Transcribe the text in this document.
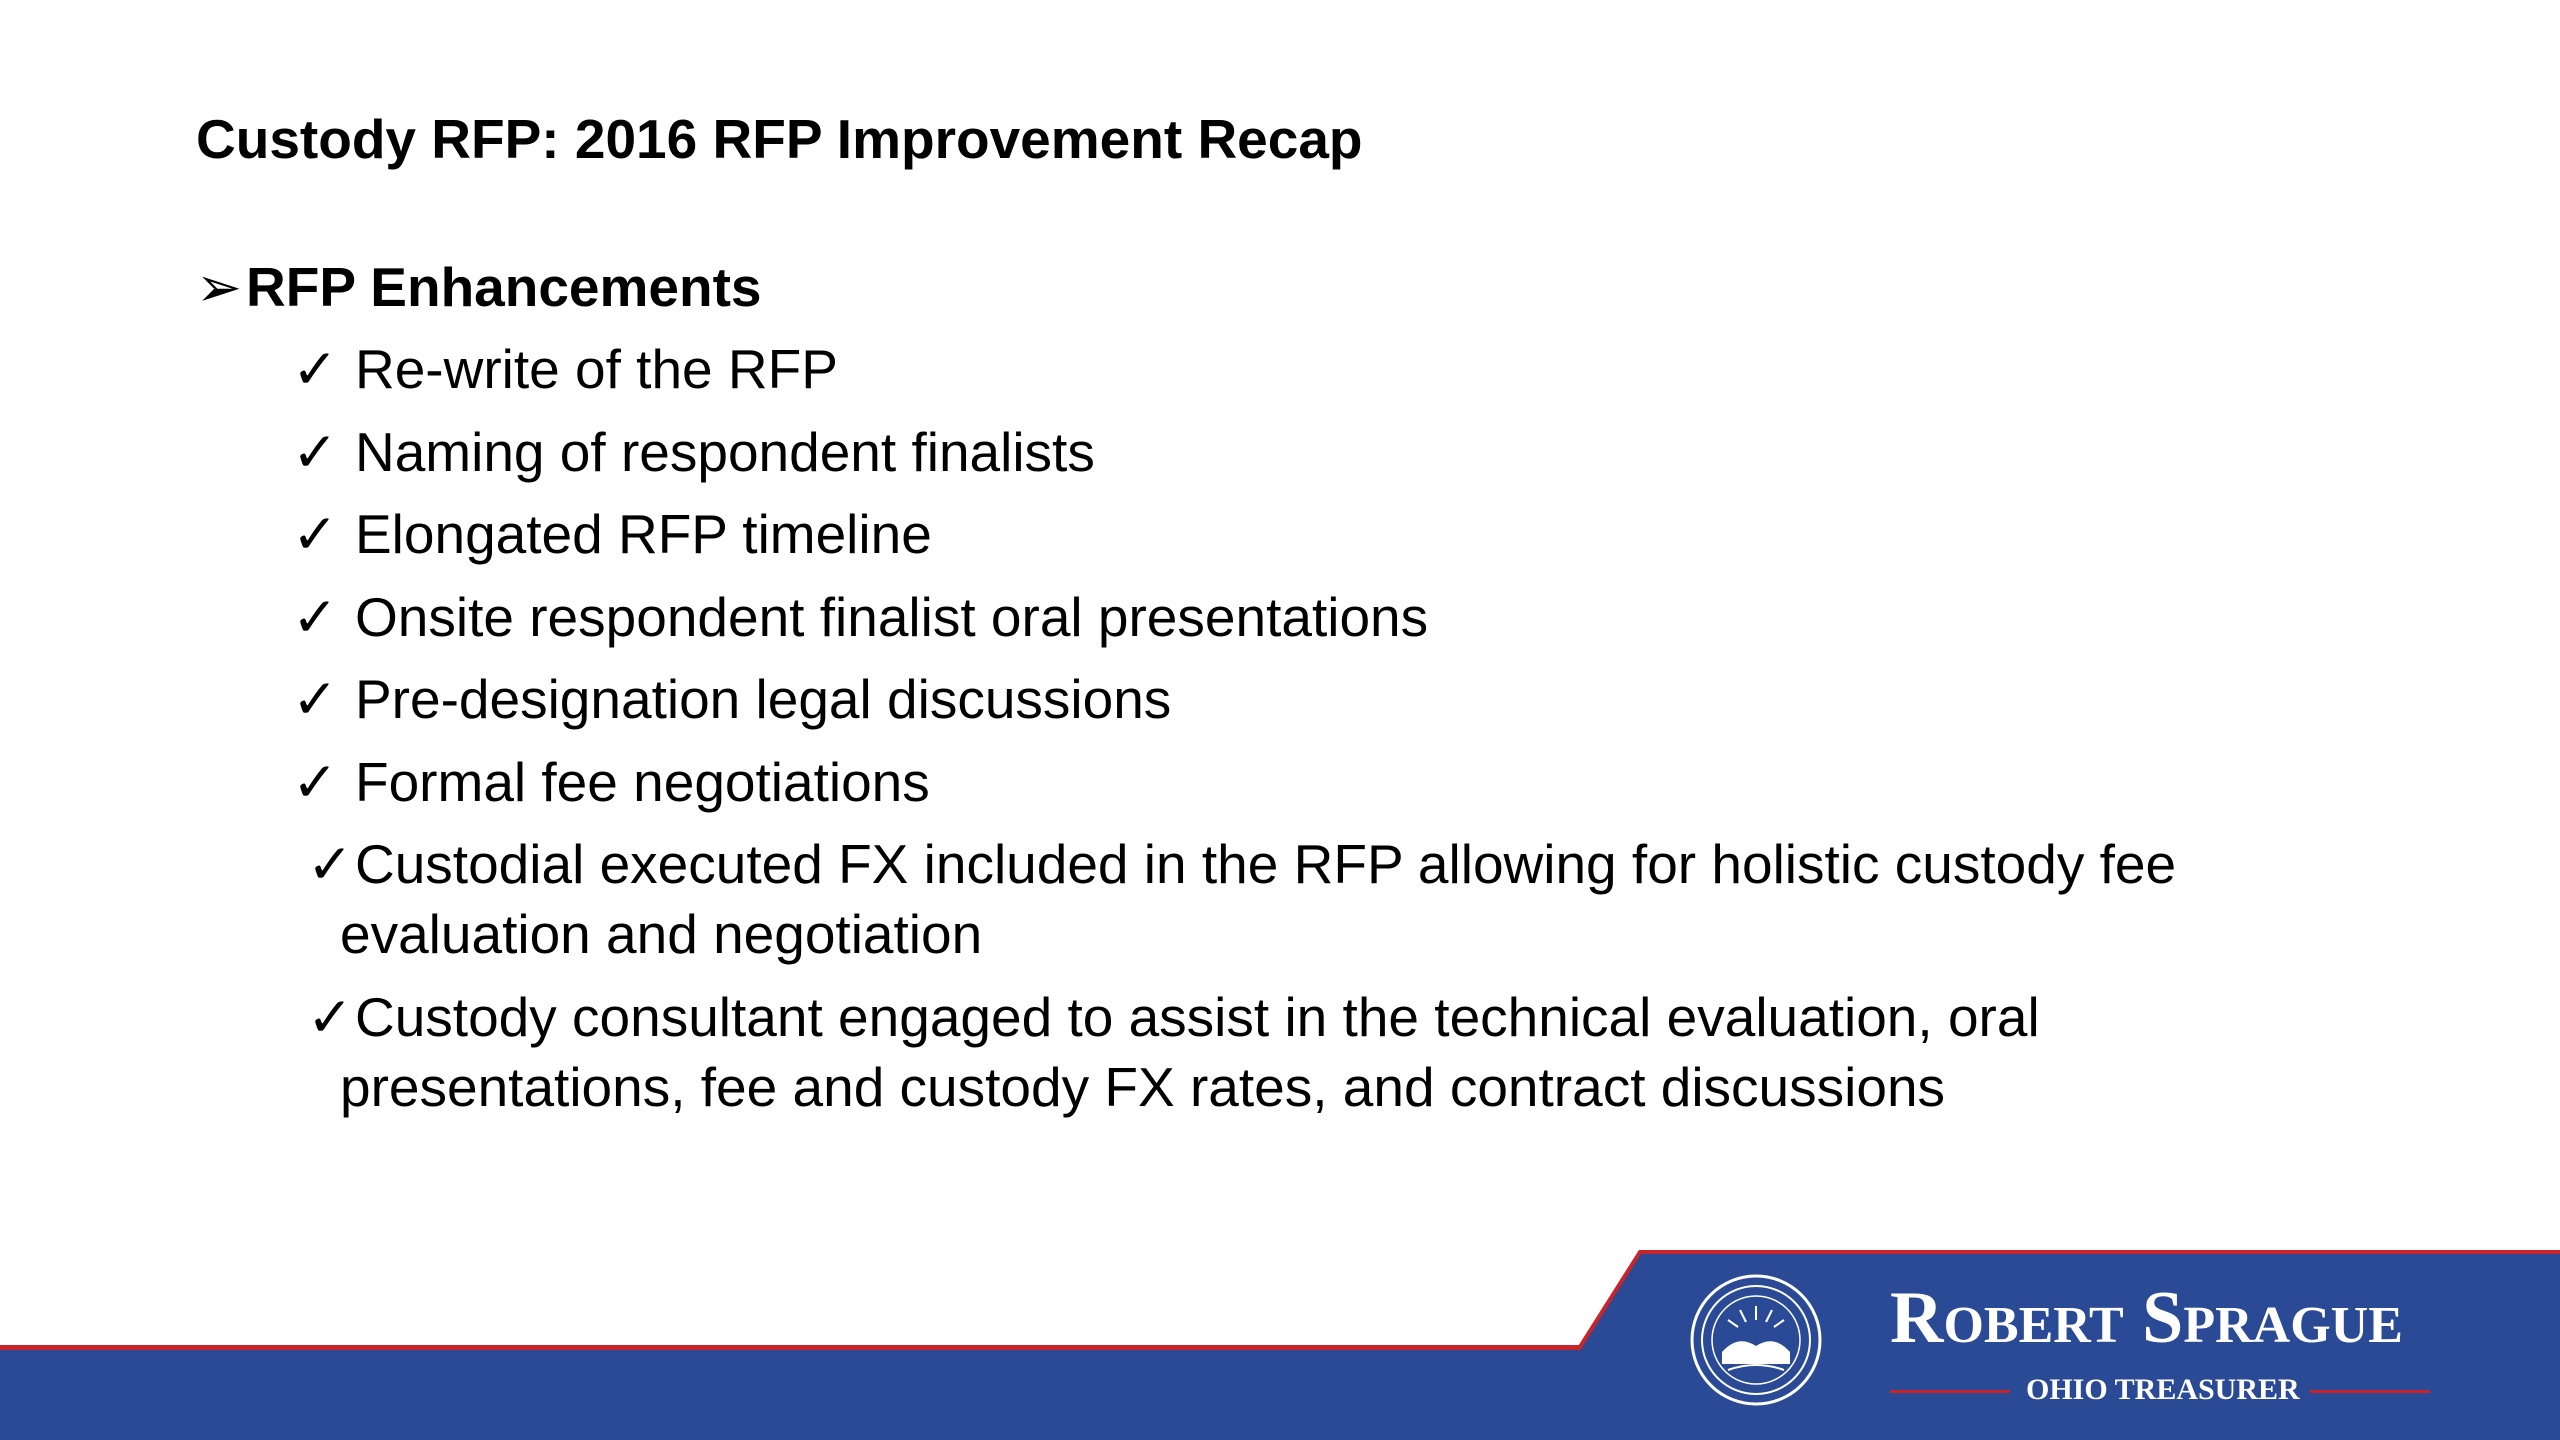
Custody RFP: 2016 RFP Improvement Recap
➢RFP Enhancements
✓ Re-write of the RFP
✓ Naming of respondent finalists
✓ Elongated RFP timeline
✓ Onsite respondent finalist oral presentations
✓ Pre-designation legal discussions
✓ Formal fee negotiations
✓Custodial executed FX included in the RFP allowing for holistic custody fee evaluation and negotiation
✓Custody consultant engaged to assist in the technical evaluation, oral presentations, fee and custody FX rates, and contract discussions
Robert Sprague
OHIO TREASURER
